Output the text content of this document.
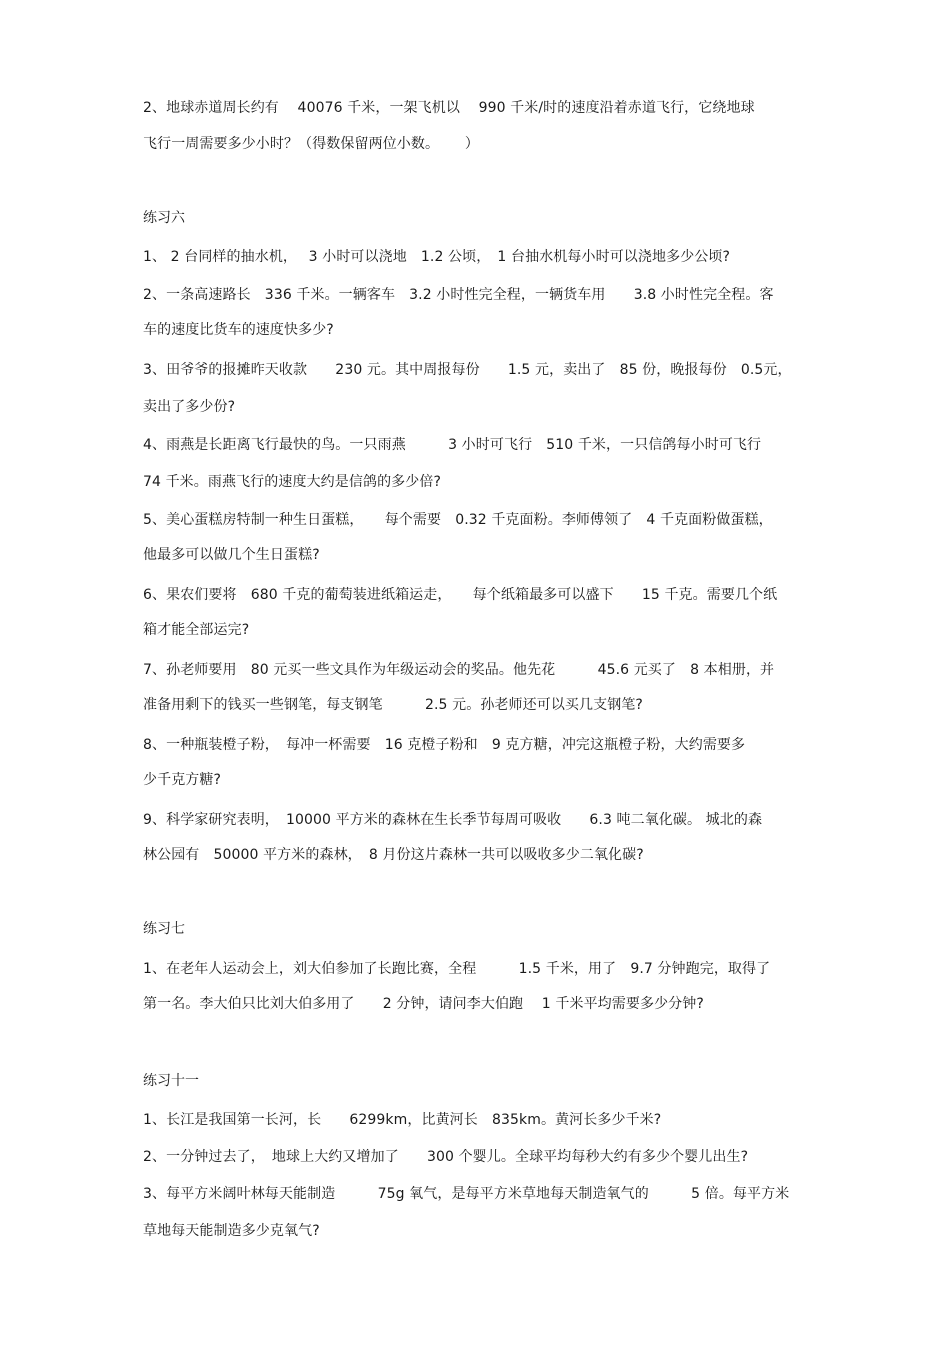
2、地球赤道周长约有　 40076 千米，一架飞机以　 990 千米/时的速度沿着赤道飞行，它绕地球
飞行一周需要多少小时？（得数保留两位小数。　　 ）
练习六
1、 2 台同样的抽水机，　 3 小时可以浇地　1.2 公顷，　1 台抽水机每小时可以浇地多少公顷?
2、一条高速路长　336 千米。一辆客车　3.2 小时性完全程，一辆货车用　　3.8 小时性完全程。客
车的速度比货车的速度快多少?
3、田爷爷的报摊昨天收款　　230 元。其中周报每份　　1.5 元，卖出了　85 份，晚报每份　0.5元，
卖出了多少份?
4、雨燕是长距离飞行最快的鸟。一只雨燕　　　3 小时可飞行　510 千米，一只信鸽每小时可飞行
74 千米。雨燕飞行的速度大约是信鸽的多少倍?
5、美心蛋糕房特制一种生日蛋糕，　　每个需要　0.32 千克面粉。李师傅领了　4 千克面粉做蛋糕，
他最多可以做几个生日蛋糕?
6、果农们要将　680 千克的葡萄装进纸箱运走，　　每个纸箱最多可以盛下　　15 千克。需要几个纸
箱才能全部运完?
7、孙老师要用　80 元买一些文具作为年级运动会的奖品。他先花　　　45.6 元买了　8 本相册，并
准备用剩下的钱买一些钢笔，每支钢笔　　　2.5 元。孙老师还可以买几支钢笔?
8、一种瓶装橙子粉，　每冲一杯需要　16 克橙子粉和　9 克方糖，冲完这瓶橙子粉，大约需要多
少千克方糖?
9、科学家研究表明，　10000 平方米的森林在生长季节每周可吸收　　6.3 吨二氧化碳。 城北的森
林公园有　50000 平方米的森林，　8 月份这片森林一共可以吸收多少二氧化碳?
练习七
1、在老年人运动会上，刘大伯参加了长跑比赛，全程　　　1.5 千米，用了　9.7 分钟跑完，取得了
第一名。李大伯只比刘大伯多用了　　2 分钟，请问李大伯跑　 1 千米平均需要多少分钟?
练习十一
1、长江是我国第一长河，长　　6299km，比黄河长　835km。黄河长多少千米?
2、一分钟过去了，　地球上大约又增加了　　300 个婴儿。全球平均每秒大约有多少个婴儿出生?
3、每平方米阔叶林每天能制造　　　75g 氧气，是每平方米草地每天制造氧气的　　　5 倍。每平方米
草地每天能制造多少克氧气?
